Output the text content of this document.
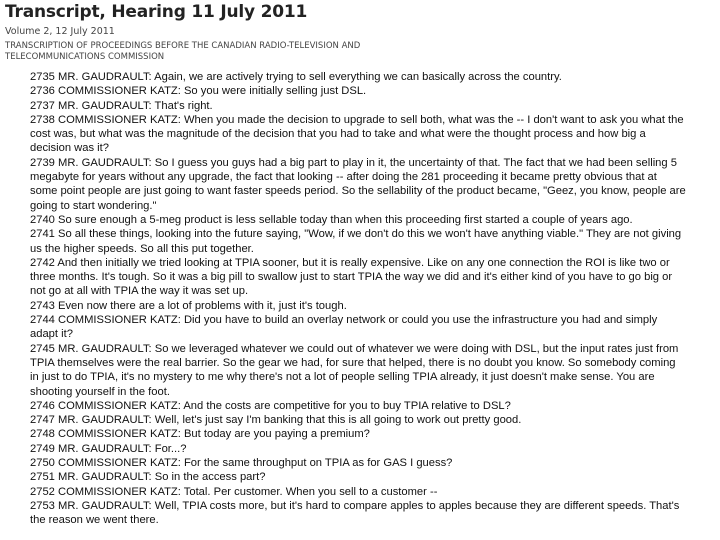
Transcript, Hearing 11 July 2011
Volume 2, 12 July 2011
TRANSCRIPTION OF PROCEEDINGS BEFORE THE CANADIAN RADIO-TELEVISION AND TELECOMMUNICATIONS COMMISSION

2735 MR. GAUDRAULT: Again, we are actively trying to sell everything we can basically across the country.

2736 COMMISSIONER KATZ: So you were initially selling just DSL.

2737 MR. GAUDRAULT: That's right.

2738 COMMISSIONER KATZ: When you made the decision to upgrade to sell both, what was the -- I don't want to ask you what the cost was, but what was the magnitude of the decision that you had to take and what were the thought process and how big a decision was it?

2739 MR. GAUDRAULT: So I guess you guys had a big part to play in it, the uncertainty of that. The fact that we had been selling 5 megabyte for years without any upgrade, the fact that looking -- after doing the 281 proceeding it became pretty obvious that at some point people are just going to want faster speeds period. So the sellability of the product became, "Geez, you know, people are going to start wondering."

2740 So sure enough a 5-meg product is less sellable today than when this proceeding first started a couple of years ago.

2741 So all these things, looking into the future saying, "Wow, if we don't do this we won't have anything viable." They are not giving us the higher speeds. So all this put together.

2742 And then initially we tried looking at TPIA sooner, but it is really expensive. Like on any one connection the ROI is like two or three months. It's tough. So it was a big pill to swallow just to start TPIA the way we did and it's either kind of you have to go big or not go at all with TPIA the way it was set up.

2743 Even now there are a lot of problems with it, just it's tough.

2744 COMMISSIONER KATZ: Did you have to build an overlay network or could you use the infrastructure you had and simply adapt it?

2745 MR. GAUDRAULT: So we leveraged whatever we could out of whatever we were doing with DSL, but the input rates just from TPIA themselves were the real barrier. So the gear we had, for sure that helped, there is no doubt you know. So somebody coming in just to do TPIA, it's no mystery to me why there's not a lot of people selling TPIA already, it just doesn't make sense. You are shooting yourself in the foot.

2746 COMMISSIONER KATZ: And the costs are competitive for you to buy TPIA relative to DSL?

2747 MR. GAUDRAULT: Well, let's just say I'm banking that this is all going to work out pretty good.

2748 COMMISSIONER KATZ: But today are you paying a premium?

2749 MR. GAUDRAULT: For...?

2750 COMMISSIONER KATZ: For the same throughput on TPIA as for GAS I guess?

2751 MR. GAUDRAULT: So in the access part?

2752 COMMISSIONER KATZ: Total. Per customer. When you sell to a customer --

2753 MR. GAUDRAULT: Well, TPIA costs more, but it's hard to compare apples to apples because they are different speeds. That's the reason we went there.
